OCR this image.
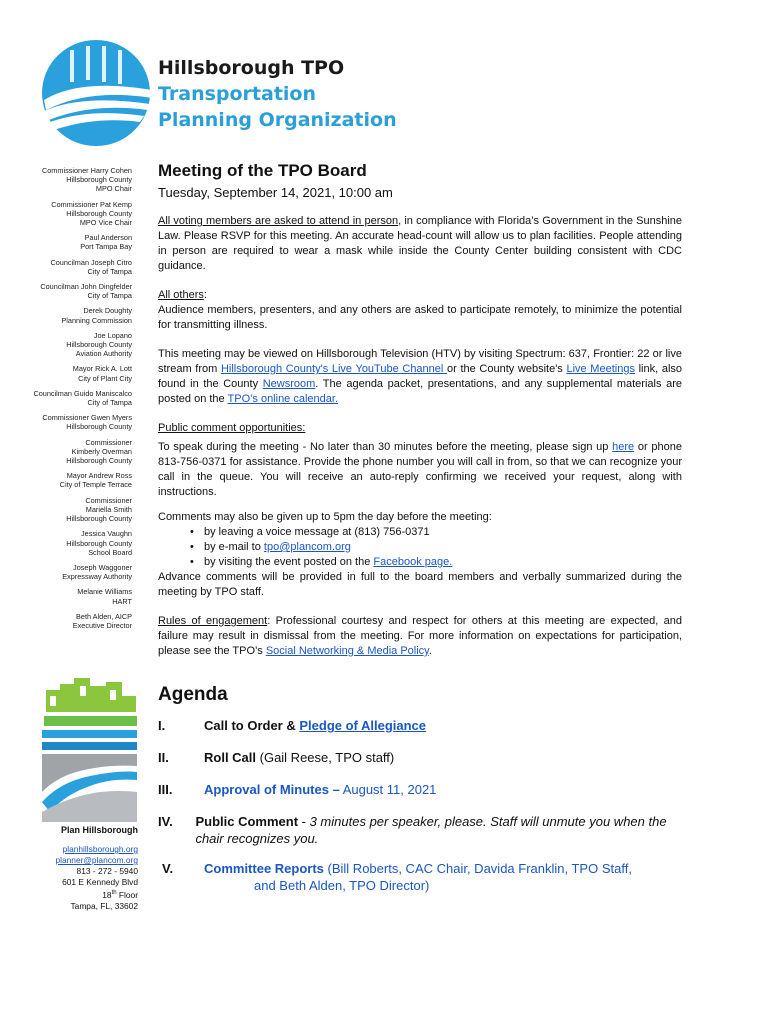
Hillsborough TPO
Transportation
Planning Organization
Commissioner Harry Cohen
Hillsborough County
MPO Chair
Commissioner Pat Kemp
Hillsborough County
MPO Vice Chair
Paul Anderson
Port Tampa Bay
Councilman Joseph Citro
City of Tampa
Councilman John Dingfelder
City of Tampa
Derek Doughty
Planning Commission
Joe Lopano
Hillsborough County
Aviation Authority
Mayor Rick A. Lott
City of Plant City
Councilman Guido Maniscalco
City of Tampa
Commissioner Gwen Myers
Hillsborough County
Commissioner
Kimberly Overman
Hillsborough County
Mayor Andrew Ross
City of Temple Terrace
Commissioner
Mariella Smith
Hillsborough County
Jessica Vaughn
Hillsborough County
School Board
Joseph Waggoner
Expressway Authority
Melanie Williams
HART
Beth Alden, AICP
Executive Director
Plan Hillsborough
planhillsborough.org
planner@plancom.org
813 - 272 - 5940
601 E Kennedy Blvd
18th Floor
Tampa, FL, 33602
Meeting of the TPO Board
Tuesday, September 14, 2021, 10:00 am

All voting members are asked to attend in person, in compliance with Florida’s Government in the Sunshine Law. Please RSVP for this meeting. An accurate head-count will allow us to plan facilities. People attending in person are required to wear a mask while inside the County Center building consistent with CDC guidance.

All others:
Audience members, presenters, and any others are asked to participate remotely, to minimize the potential for transmitting illness.

This meeting may be viewed on Hillsborough Television (HTV) by visiting Spectrum: 637, Frontier: 22 or live stream from Hillsborough County's Live YouTube Channel or the County website's Live Meetings link, also found in the County Newsroom. The agenda packet, presentations, and any supplemental materials are posted on the TPO’s online calendar.

Public comment opportunities:

To speak during the meeting - No later than 30 minutes before the meeting, please sign up here or phone 813-756-0371 for assistance. Provide the phone number you will call in from, so that we can recognize your call in the queue. You will receive an auto-reply confirming we received your request, along with instructions.

Comments may also be given up to 5pm the day before the meeting:

• by leaving a voice message at (813) 756-0371
• by e-mail to tpo@plancom.org
• by visiting the event posted on the Facebook page.

Advance comments will be provided in full to the board members and verbally summarized during the meeting by TPO staff.

Rules of engagement: Professional courtesy and respect for others at this meeting are expected, and failure may result in dismissal from the meeting. For more information on expectations for participation, please see the TPO’s Social Networking & Media Policy.

Agenda
I.	Call to Order & Pledge of Allegiance
II.	Roll Call (Gail Reese, TPO staff)
III.	Approval of Minutes – August 11, 2021
IV.	Public Comment - 3 minutes per speaker, please. Staff will unmute you when the chair recognizes you.
V.	Committee Reports (Bill Roberts, CAC Chair, Davida Franklin, TPO Staff,
and Beth Alden, TPO Director)
